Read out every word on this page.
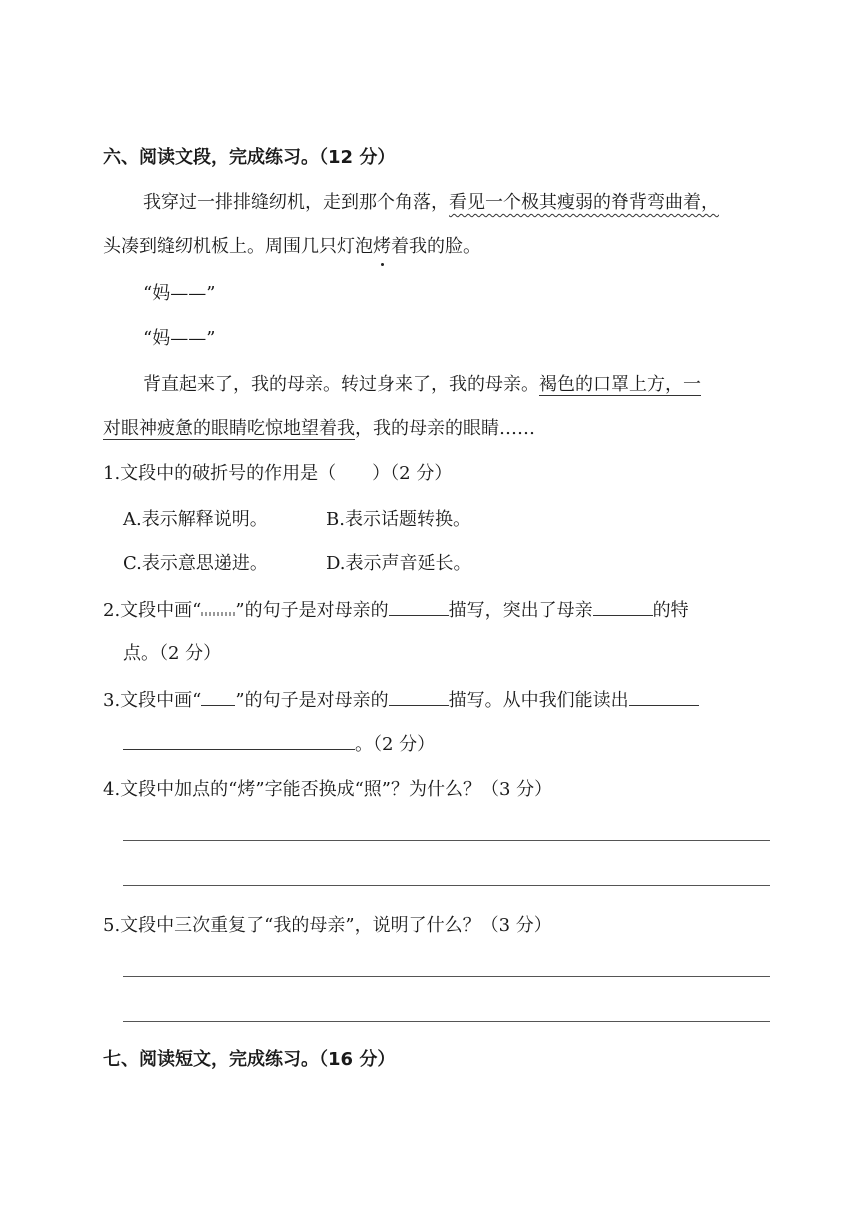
六、阅读文段，完成练习。（12 分）
我穿过一排排缝纫机，走到那个角落，看见一个极其瘦弱的脊背弯曲着，
头凑到缝纫机板上。周围几只灯泡烤着我的脸。
“妈——”
“妈——”
背直起来了，我的母亲。转过身来了，我的母亲。褐色的口罩上方，一
对眼神疲惫的眼睛吃惊地望着我，我的母亲的眼睛……
1.文段中的破折号的作用是（　　）（2 分）
A.表示解释说明。	B.表示话题转换。
C.表示意思递进。	D.表示声音延长。
2.文段中画“ ”的句子是对母亲的	描写，突出了母亲	的特
点。（2 分）
3.文段中画“ ”的句子是对母亲的	描写。从中我们能读出
。（2 分）
4.文段中加点的“烤”字能否换成“照”？为什么？（3 分）
5.文段中三次重复了“我的母亲”，说明了什么？（3 分）
七、阅读短文，完成练习。（16 分）
